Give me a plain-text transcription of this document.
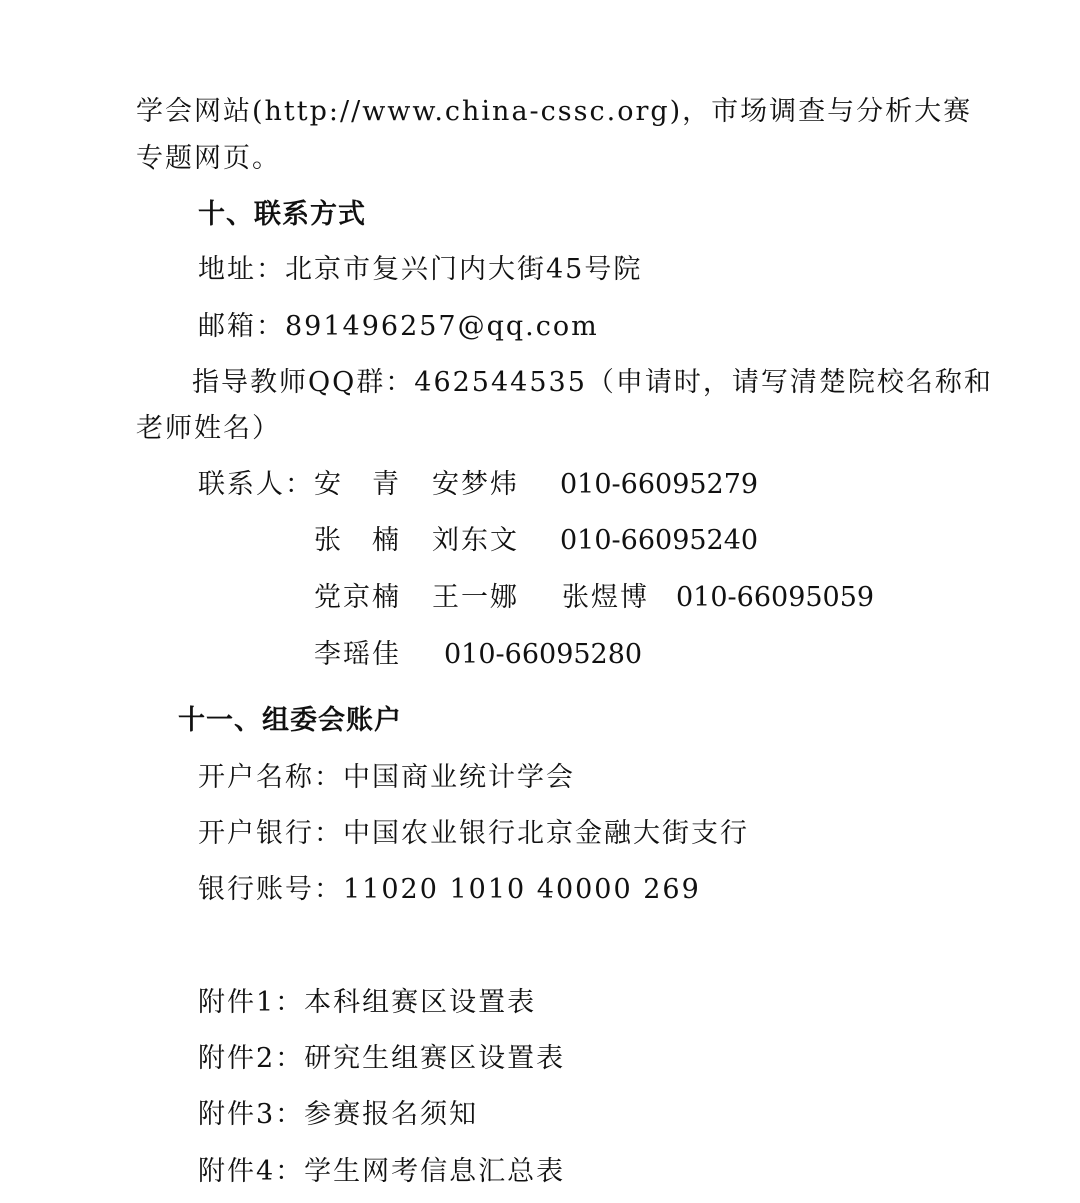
学会网站(http://www.china-cssc.org)，市场调查与分析大赛
专题网页。
十、联系方式
地址：北京市复兴门内大街45号院
邮箱：891496257@qq.com
指导教师QQ群：462544535（申请时，请写清楚院校名称和
老师姓名）
联系人： 安　青 安梦炜 010-66095279
张　楠 刘东文 010-66095240
党京楠 王一娜 张煜博 010-66095059
李瑶佳 010-66095280
十一、组委会账户
开户名称：中国商业统计学会
开户银行：中国农业银行北京金融大街支行
银行账号：11020 1010 40000 269
附件1：本科组赛区设置表
附件2：研究生组赛区设置表
附件3：参赛报名须知
附件4：学生网考信息汇总表
